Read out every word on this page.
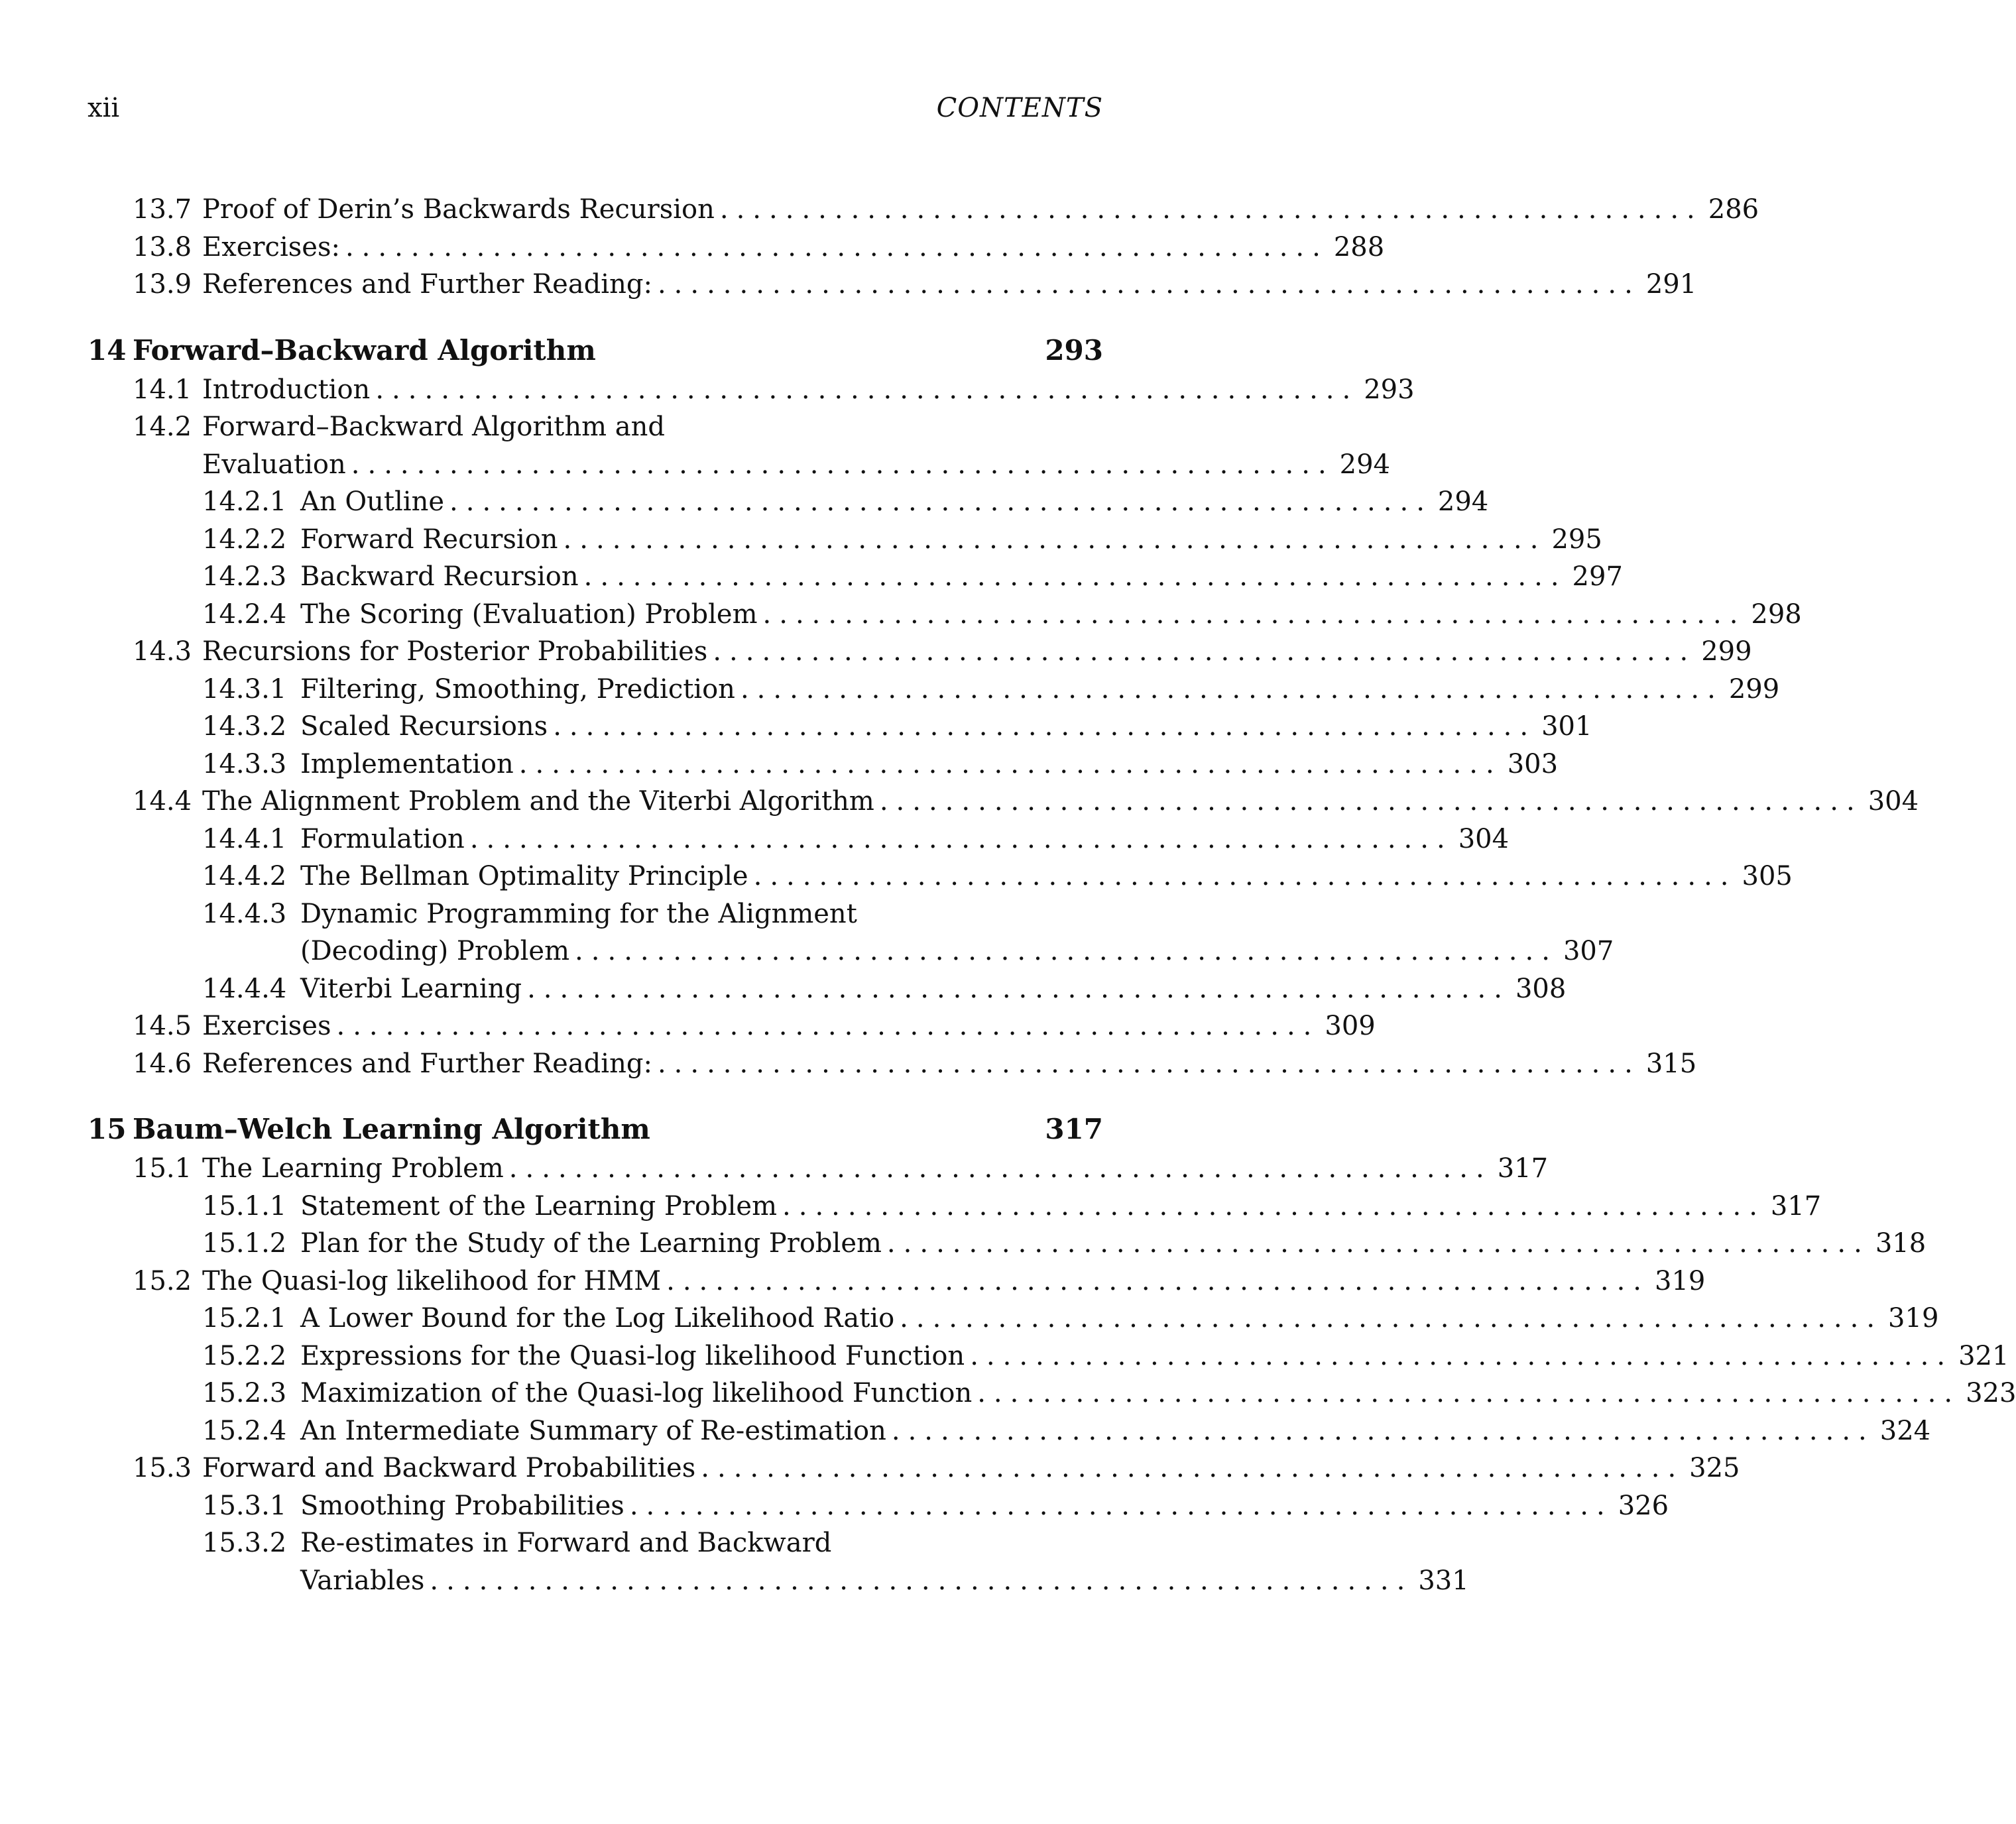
xii	CONTENTS
13.7 Proof of Derin’s Backwards Recursion ............................................................ 286
13.8 Exercises: ............................................................ 288
13.9 References and Further Reading: ............................................................ 291
14 Forward–Backward Algorithm	293
14.1 Introduction ............................................................ 293
14.2 Forward–Backward Algorithm and
Evaluation ............................................................ 294
14.2.1 An Outline ............................................................ 294
14.2.2 Forward Recursion ............................................................ 295
14.2.3 Backward Recursion ............................................................ 297
14.2.4 The Scoring (Evaluation) Problem ............................................................ 298
14.3 Recursions for Posterior Probabilities ............................................................ 299
14.3.1 Filtering, Smoothing, Prediction ............................................................ 299
14.3.2 Scaled Recursions ............................................................ 301
14.3.3 Implementation ............................................................ 303
14.4 The Alignment Problem and the Viterbi Algorithm ............................................................ 304
14.4.1 Formulation ............................................................ 304
14.4.2 The Bellman Optimality Principle ............................................................ 305
14.4.3 Dynamic Programming for the Alignment
(Decoding) Problem ............................................................ 307
14.4.4 Viterbi Learning ............................................................ 308
14.5 Exercises ............................................................ 309
14.6 References and Further Reading: ............................................................ 315
15 Baum–Welch Learning Algorithm	317
15.1 The Learning Problem ............................................................ 317
15.1.1 Statement of the Learning Problem ............................................................ 317
15.1.2 Plan for the Study of the Learning Problem ............................................................ 318
15.2 The Quasi-log likelihood for HMM ............................................................ 319
15.2.1 A Lower Bound for the Log Likelihood Ratio ............................................................ 319
15.2.2 Expressions for the Quasi-log likelihood Function ............................................................ 321
15.2.3 Maximization of the Quasi-log likelihood Function ............................................................ 323
15.2.4 An Intermediate Summary of Re-estimation ............................................................ 324
15.3 Forward and Backward Probabilities ............................................................ 325
15.3.1 Smoothing Probabilities ............................................................ 326
15.3.2 Re-estimates in Forward and Backward
Variables ............................................................ 331
